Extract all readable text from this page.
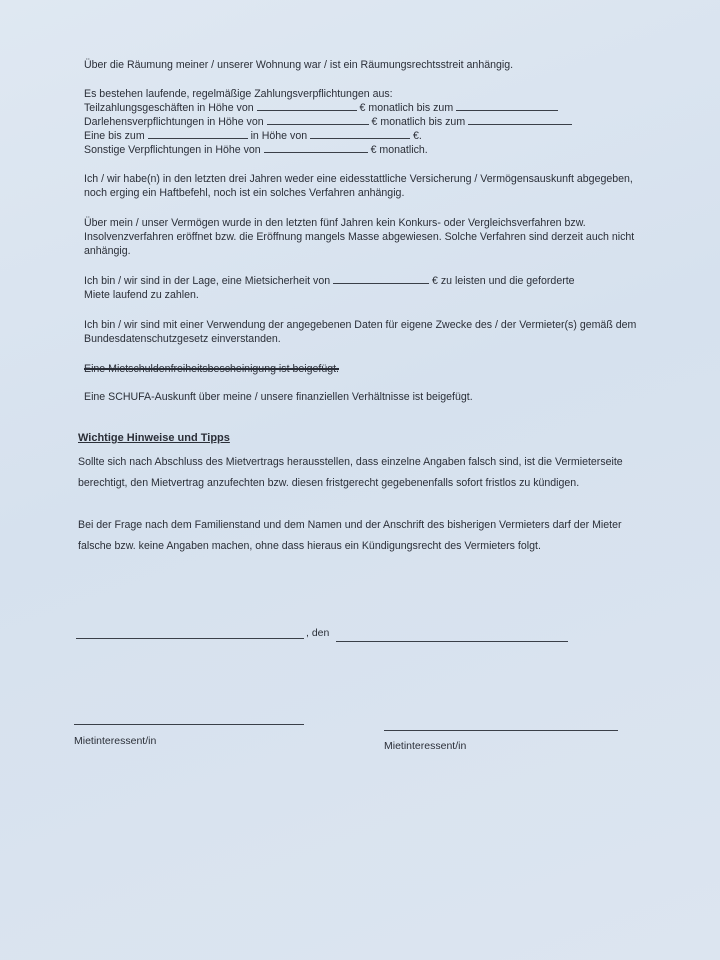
Über die Räumung meiner / unserer Wohnung war / ist ein Räumungsrechtsstreit anhängig.

Es bestehen laufende, regelmäßige Zahlungsverpflichtungen aus:
Teilzahlungsgeschäften in Höhe von	€ monatlich bis zum
Darlehensverpflichtungen in Höhe von	€ monatlich bis zum
Eine bis zum	in Höhe von	€.
Sonstige Verpflichtungen in Höhe von	€ monatlich.

Ich / wir habe(n) in den letzten drei Jahren weder eine eidesstattliche Versicherung / Vermögensauskunft abgegeben, noch erging ein Haftbefehl, noch ist ein solches Verfahren anhängig.

Über mein / unser Vermögen wurde in den letzten fünf Jahren kein Konkurs- oder Vergleichsverfahren bzw. Insolvenzverfahren eröffnet bzw. die Eröffnung mangels Masse abgewiesen. Solche Verfahren sind derzeit auch nicht anhängig.

Ich bin / wir sind in der Lage, eine Mietsicherheit von	€ zu leisten und die geforderte
Miete laufend zu zahlen.

Ich bin / wir sind mit einer Verwendung der angegebenen Daten für eigene Zwecke des / der Vermieter(s) gemäß dem Bundesdatenschutzgesetz einverstanden.

Eine Mietschuldenfreiheitsbescheinigung ist beigefügt.

Eine SCHUFA-Auskunft über meine / unsere finanziellen Verhältnisse ist beigefügt.

Wichtige Hinweise und Tipps

Sollte sich nach Abschluss des Mietvertrags herausstellen, dass einzelne Angaben falsch sind, ist die Vermieterseite berechtigt, den Mietvertrag anzufechten bzw. diesen fristgerecht gegebenenfalls sofort fristlos zu kündigen.

Bei der Frage nach dem Familienstand und dem Namen und der Anschrift des bisherigen Vermieters darf der Mieter falsche bzw. keine Angaben machen, ohne dass hieraus ein Kündigungsrecht des Vermieters folgt.

, den
Mietinteressent/in	Mietinteressent/in
